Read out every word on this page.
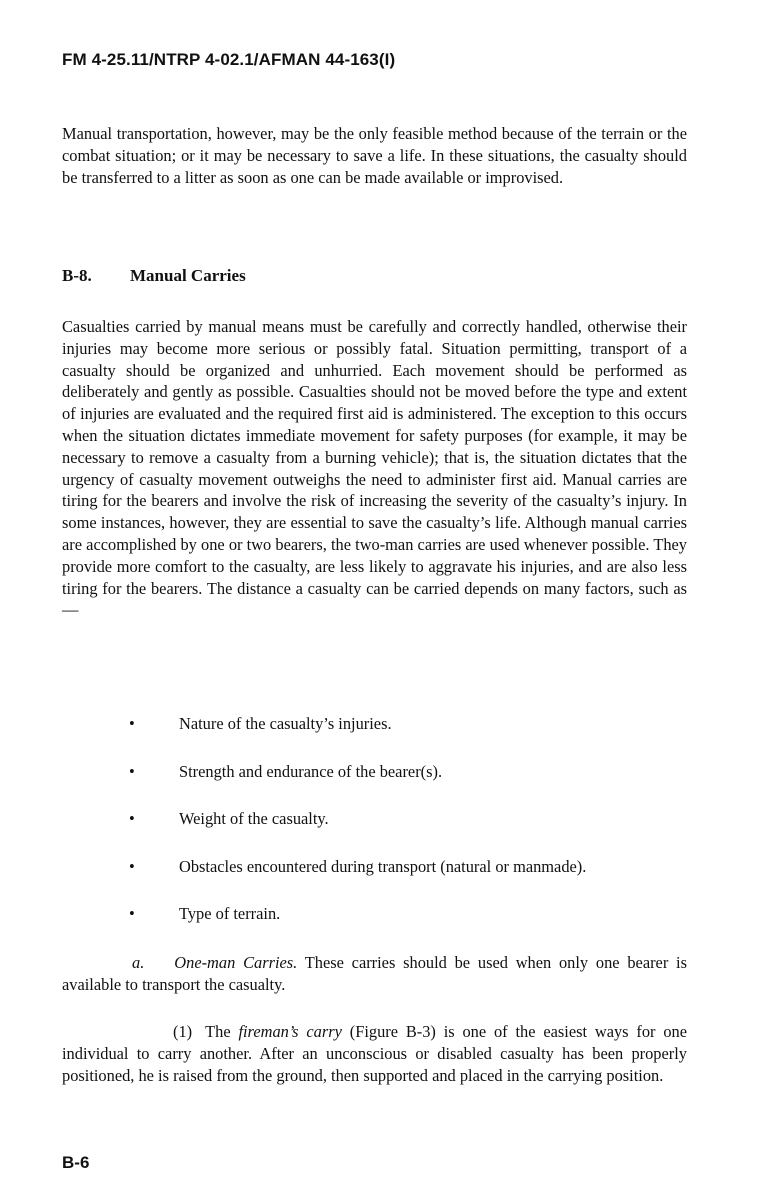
FM 4-25.11/NTRP 4-02.1/AFMAN 44-163(I)

Manual transportation, however, may be the only feasible method because of the terrain or the combat situation; or it may be necessary to save a life. In these situations, the casualty should be transferred to a litter as soon as one can be made available or improvised.

B-8. Manual Carries

Casualties carried by manual means must be carefully and correctly handled, otherwise their injuries may become more serious or possibly fatal. Situation permitting, transport of a casualty should be organized and unhurried. Each movement should be performed as deliberately and gently as possible. Casualties should not be moved before the type and extent of injuries are evaluated and the required first aid is administered. The exception to this occurs when the situation dictates immediate movement for safety purposes (for example, it may be necessary to remove a casualty from a burning vehicle); that is, the situation dictates that the urgency of casualty movement outweighs the need to administer first aid. Manual carries are tiring for the bearers and involve the risk of increasing the severity of the casualty’s injury. In some instances, however, they are essential to save the casualty’s life. Although manual carries are accomplished by one or two bearers, the two-man carries are used whenever possible. They provide more comfort to the casualty, are less likely to aggravate his injuries, and are also less tiring for the bearers. The distance a casualty can be carried depends on many factors, such as—

•	Nature of the casualty’s injuries.
•	Strength and endurance of the bearer(s).
•	Weight of the casualty.
•	Obstacles encountered during transport (natural or manmade).
•	Type of terrain.

a. One-man Carries. These carries should be used when only one bearer is available to transport the casualty.

(1) The fireman’s carry (Figure B-3) is one of the easiest ways for one individual to carry another. After an unconscious or disabled casualty has been properly positioned, he is raised from the ground, then supported and placed in the carrying position.

B-6
